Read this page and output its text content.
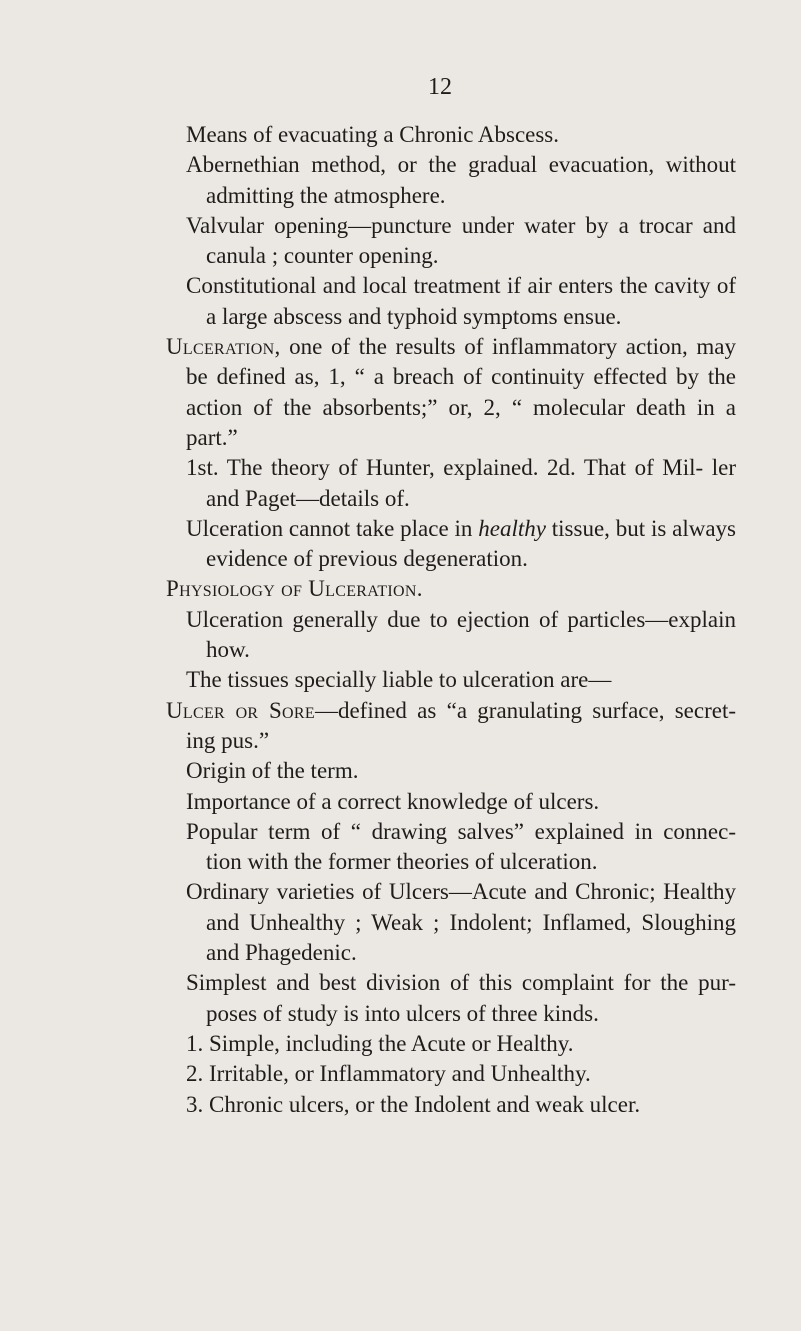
12

Means of evacuating a Chronic Abscess.

Abernethian method, or the gradual evacuation, without admitting the atmosphere.

Valvular opening—puncture under water by a trocar and canula ; counter opening.

Constitutional and local treatment if air enters the cavity of a large abscess and typhoid symptoms ensue.

Ulceration, one of the results of inflammatory action, may be defined as, 1, “ a breach of continuity effected by the action of the absorbents;” or, 2, “ molecular death in a part.”

1st. The theory of Hunter, explained. 2d. That of Mil- ler and Paget—details of.

Ulceration cannot take place in healthy tissue, but is always evidence of previous degeneration.

Physiology of Ulceration.

Ulceration generally due to ejection of particles—explain how.

The tissues specially liable to ulceration are—

Ulcer or Sore—defined as “a granulating surface, secret- ing pus.”

Origin of the term.

Importance of a correct knowledge of ulcers.

Popular term of “ drawing salves” explained in connec- tion with the former theories of ulceration.

Ordinary varieties of Ulcers—Acute and Chronic; Healthy and Unhealthy ; Weak ; Indolent; Inflamed, Sloughing and Phagedenic.

Simplest and best division of this complaint for the pur- poses of study is into ulcers of three kinds.

1. Simple, including the Acute or Healthy.

2. Irritable, or Inflammatory and Unhealthy.

3. Chronic ulcers, or the Indolent and weak ulcer.
